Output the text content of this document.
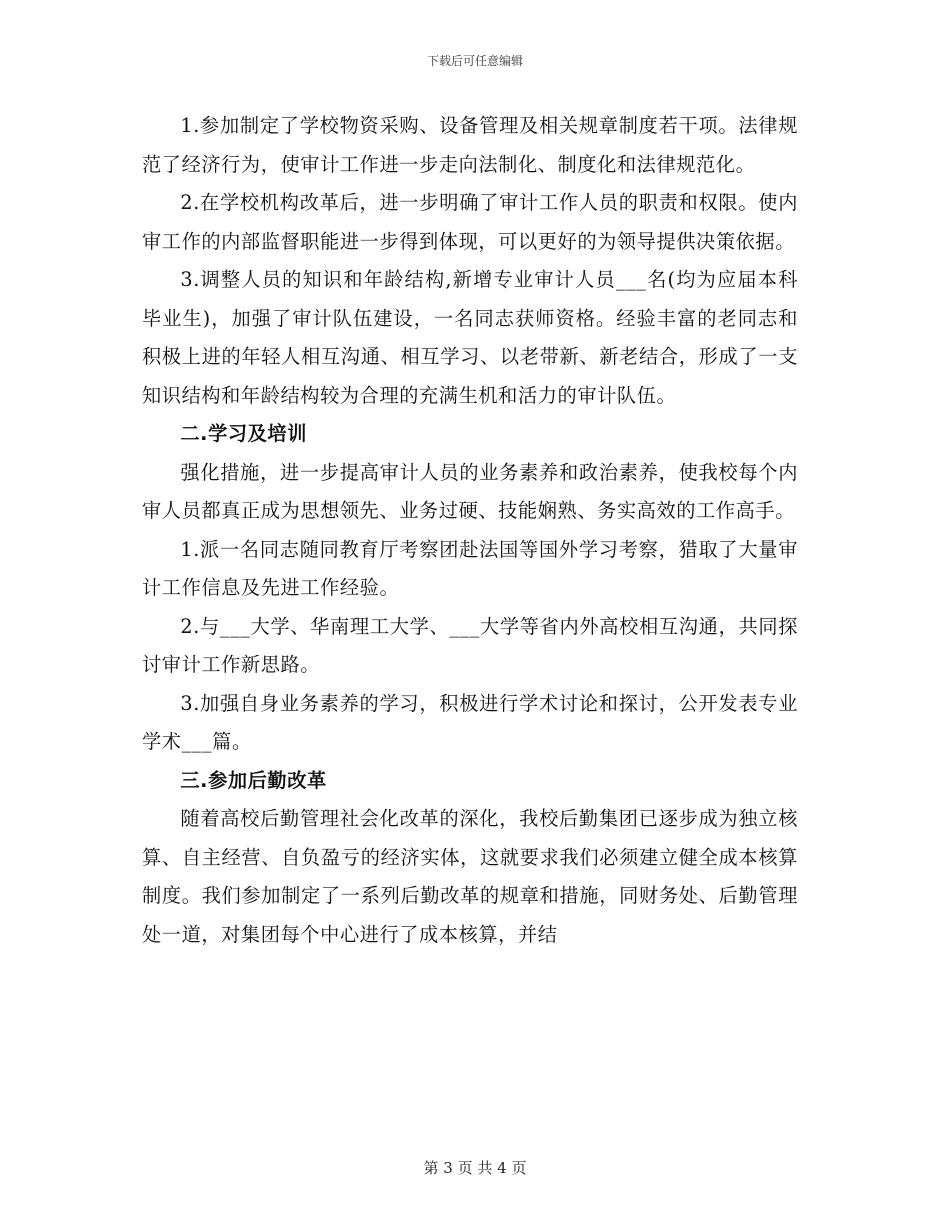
下载后可任意编辑

1.参加制定了学校物资采购、设备管理及相关规章制度若干项。法律规范了经济行为，使审计工作进一步走向法制化、制度化和法律规范化。

2.在学校机构改革后，进一步明确了审计工作人员的职责和权限。使内审工作的内部监督职能进一步得到体现，可以更好的为领导提供决策依据。

3.调整人员的知识和年龄结构,新增专业审计人员___名(均为应届本科毕业生)，加强了审计队伍建设，一名同志获师资格。经验丰富的老同志和积极上进的年轻人相互沟通、相互学习、以老带新、新老结合，形成了一支知识结构和年龄结构较为合理的充满生机和活力的审计队伍。

二.学习及培训

强化措施，进一步提高审计人员的业务素养和政治素养，使我校每个内审人员都真正成为思想领先、业务过硬、技能娴熟、务实高效的工作高手。

1.派一名同志随同教育厅考察团赴法国等国外学习考察，猎取了大量审计工作信息及先进工作经验。

2.与___大学、华南理工大学、___大学等省内外高校相互沟通，共同探讨审计工作新思路。

3.加强自身业务素养的学习，积极进行学术讨论和探讨，公开发表专业学术___篇。

三.参加后勤改革

随着高校后勤管理社会化改革的深化，我校后勤集团已逐步成为独立核算、自主经营、自负盈亏的经济实体，这就要求我们必须建立健全成本核算制度。我们参加制定了一系列后勤改革的规章和措施，同财务处、后勤管理处一道，对集团每个中心进行了成本核算，并结

第 3 页 共 4 页
